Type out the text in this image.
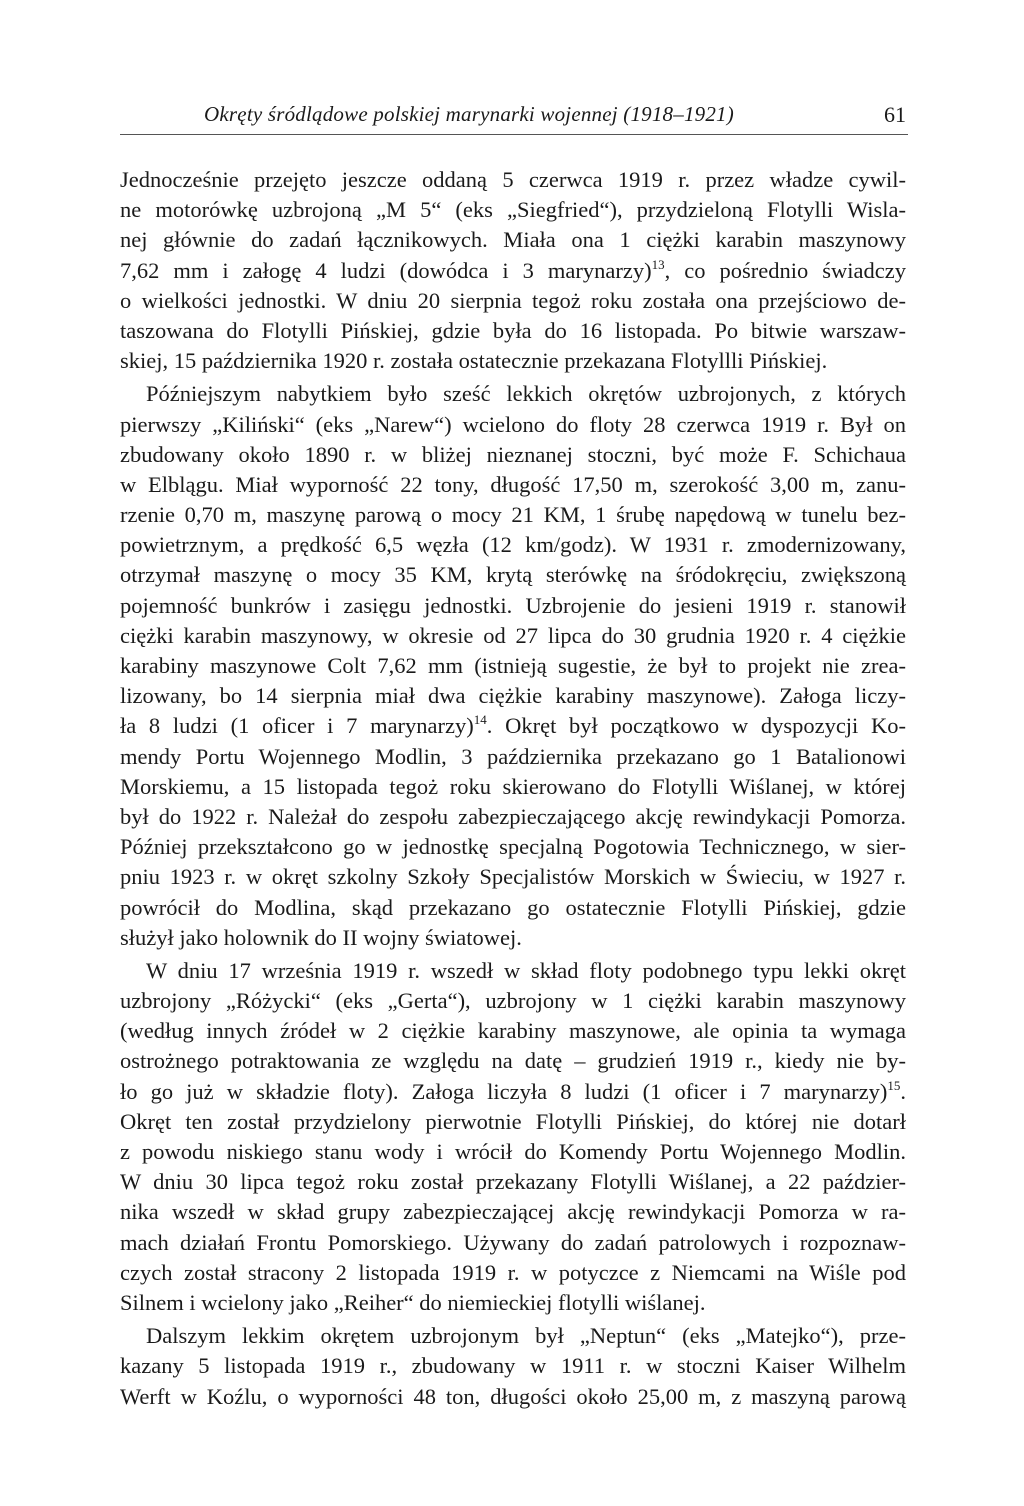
Okręty śródlądowe polskiej marynarki wojennej (1918–1921)	61
Jednocześnie przejęto jeszcze oddaną 5 czerwca 1919 r. przez władze cywil-
ne motorówkę uzbrojoną „M 5“ (eks „Siegfried“), przydzieloną Flotylli Wisla-
nej głównie do zadań łącznikowych. Miała ona 1 ciężki karabin maszynowy
7,62 mm i załogę 4 ludzi (dowódca i 3 marynarzy)$^{13}$, co pośrednio świadczy
o wielkości jednostki. W dniu 20 sierpnia tegoż roku została ona przejściowo de-
taszowana do Flotylli Pińskiej, gdzie była do 16 listopada. Po bitwie warszaw-
skiej, 15 października 1920 r. została ostatecznie przekazana Flotyllli Pińskiej.
Późniejszym nabytkiem było sześć lekkich okrętów uzbrojonych, z których
pierwszy „Kiliński“ (eks „Narew“) wcielono do floty 28 czerwca 1919 r. Był on
zbudowany około 1890 r. w bliżej nieznanej stoczni, być może F. Schichaua
w Elblągu. Miał wyporność 22 tony, długość 17,50 m, szerokość 3,00 m, zanu-
rzenie 0,70 m, maszynę parową o mocy 21 KM, 1 śrubę napędową w tunelu bez-
powietrznym, a prędkość 6,5 węzła (12 km/godz). W 1931 r. zmodernizowany,
otrzymał maszynę o mocy 35 KM, krytą sterówkę na śródokręciu, zwiększoną
pojemność bunkrów i zasięgu jednostki. Uzbrojenie do jesieni 1919 r. stanowił
ciężki karabin maszynowy, w okresie od 27 lipca do 30 grudnia 1920 r. 4 ciężkie
karabiny maszynowe Colt 7,62 mm (istnieją sugestie, że był to projekt nie zrea-
lizowany, bo 14 sierpnia miał dwa ciężkie karabiny maszynowe). Załoga liczy-
ła 8 ludzi (1 oficer i 7 marynarzy)$^{14}$. Okręt był początkowo w dyspozycji Ko-
mendy Portu Wojennego Modlin, 3 października przekazano go 1 Batalionowi
Morskiemu, a 15 listopada tegoż roku skierowano do Flotylli Wiślanej, w której
był do 1922 r. Należał do zespołu zabezpieczającego akcję rewindykacji Pomorza.
Później przekształcono go w jednostkę specjalną Pogotowia Technicznego, w sier-
pniu 1923 r. w okręt szkolny Szkoły Specjalistów Morskich w Świeciu, w 1927 r.
powrócił do Modlina, skąd przekazano go ostatecznie Flotylli Pińskiej, gdzie
służył jako holownik do II wojny światowej.
W dniu 17 września 1919 r. wszedł w skład floty podobnego typu lekki okręt
uzbrojony „Różycki“ (eks „Gerta“), uzbrojony w 1 ciężki karabin maszynowy
(według innych źródeł w 2 ciężkie karabiny maszynowe, ale opinia ta wymaga
ostrożnego potraktowania ze względu na datę – grudzień 1919 r., kiedy nie by-
ło go już w składzie floty). Załoga liczyła 8 ludzi (1 oficer i 7 marynarzy)$^{15}$.
Okręt ten został przydzielony pierwotnie Flotylli Pińskiej, do której nie dotarł
z powodu niskiego stanu wody i wrócił do Komendy Portu Wojennego Modlin.
W dniu 30 lipca tegoż roku został przekazany Flotylli Wiślanej, a 22 paździer-
nika wszedł w skład grupy zabezpieczającej akcję rewindykacji Pomorza w ra-
mach działań Frontu Pomorskiego. Używany do zadań patrolowych i rozpoznaw-
czych został stracony 2 listopada 1919 r. w potyczce z Niemcami na Wiśle pod
Silnem i wcielony jako „Reiher“ do niemieckiej flotylli wiślanej.
Dalszym lekkim okrętem uzbrojonym był „Neptun“ (eks „Matejko“), prze-
kazany 5 listopada 1919 r., zbudowany w 1911 r. w stoczni Kaiser Wilhelm
Werft w Koźlu, o wyporności 48 ton, długości około 25,00 m, z maszyną parową
